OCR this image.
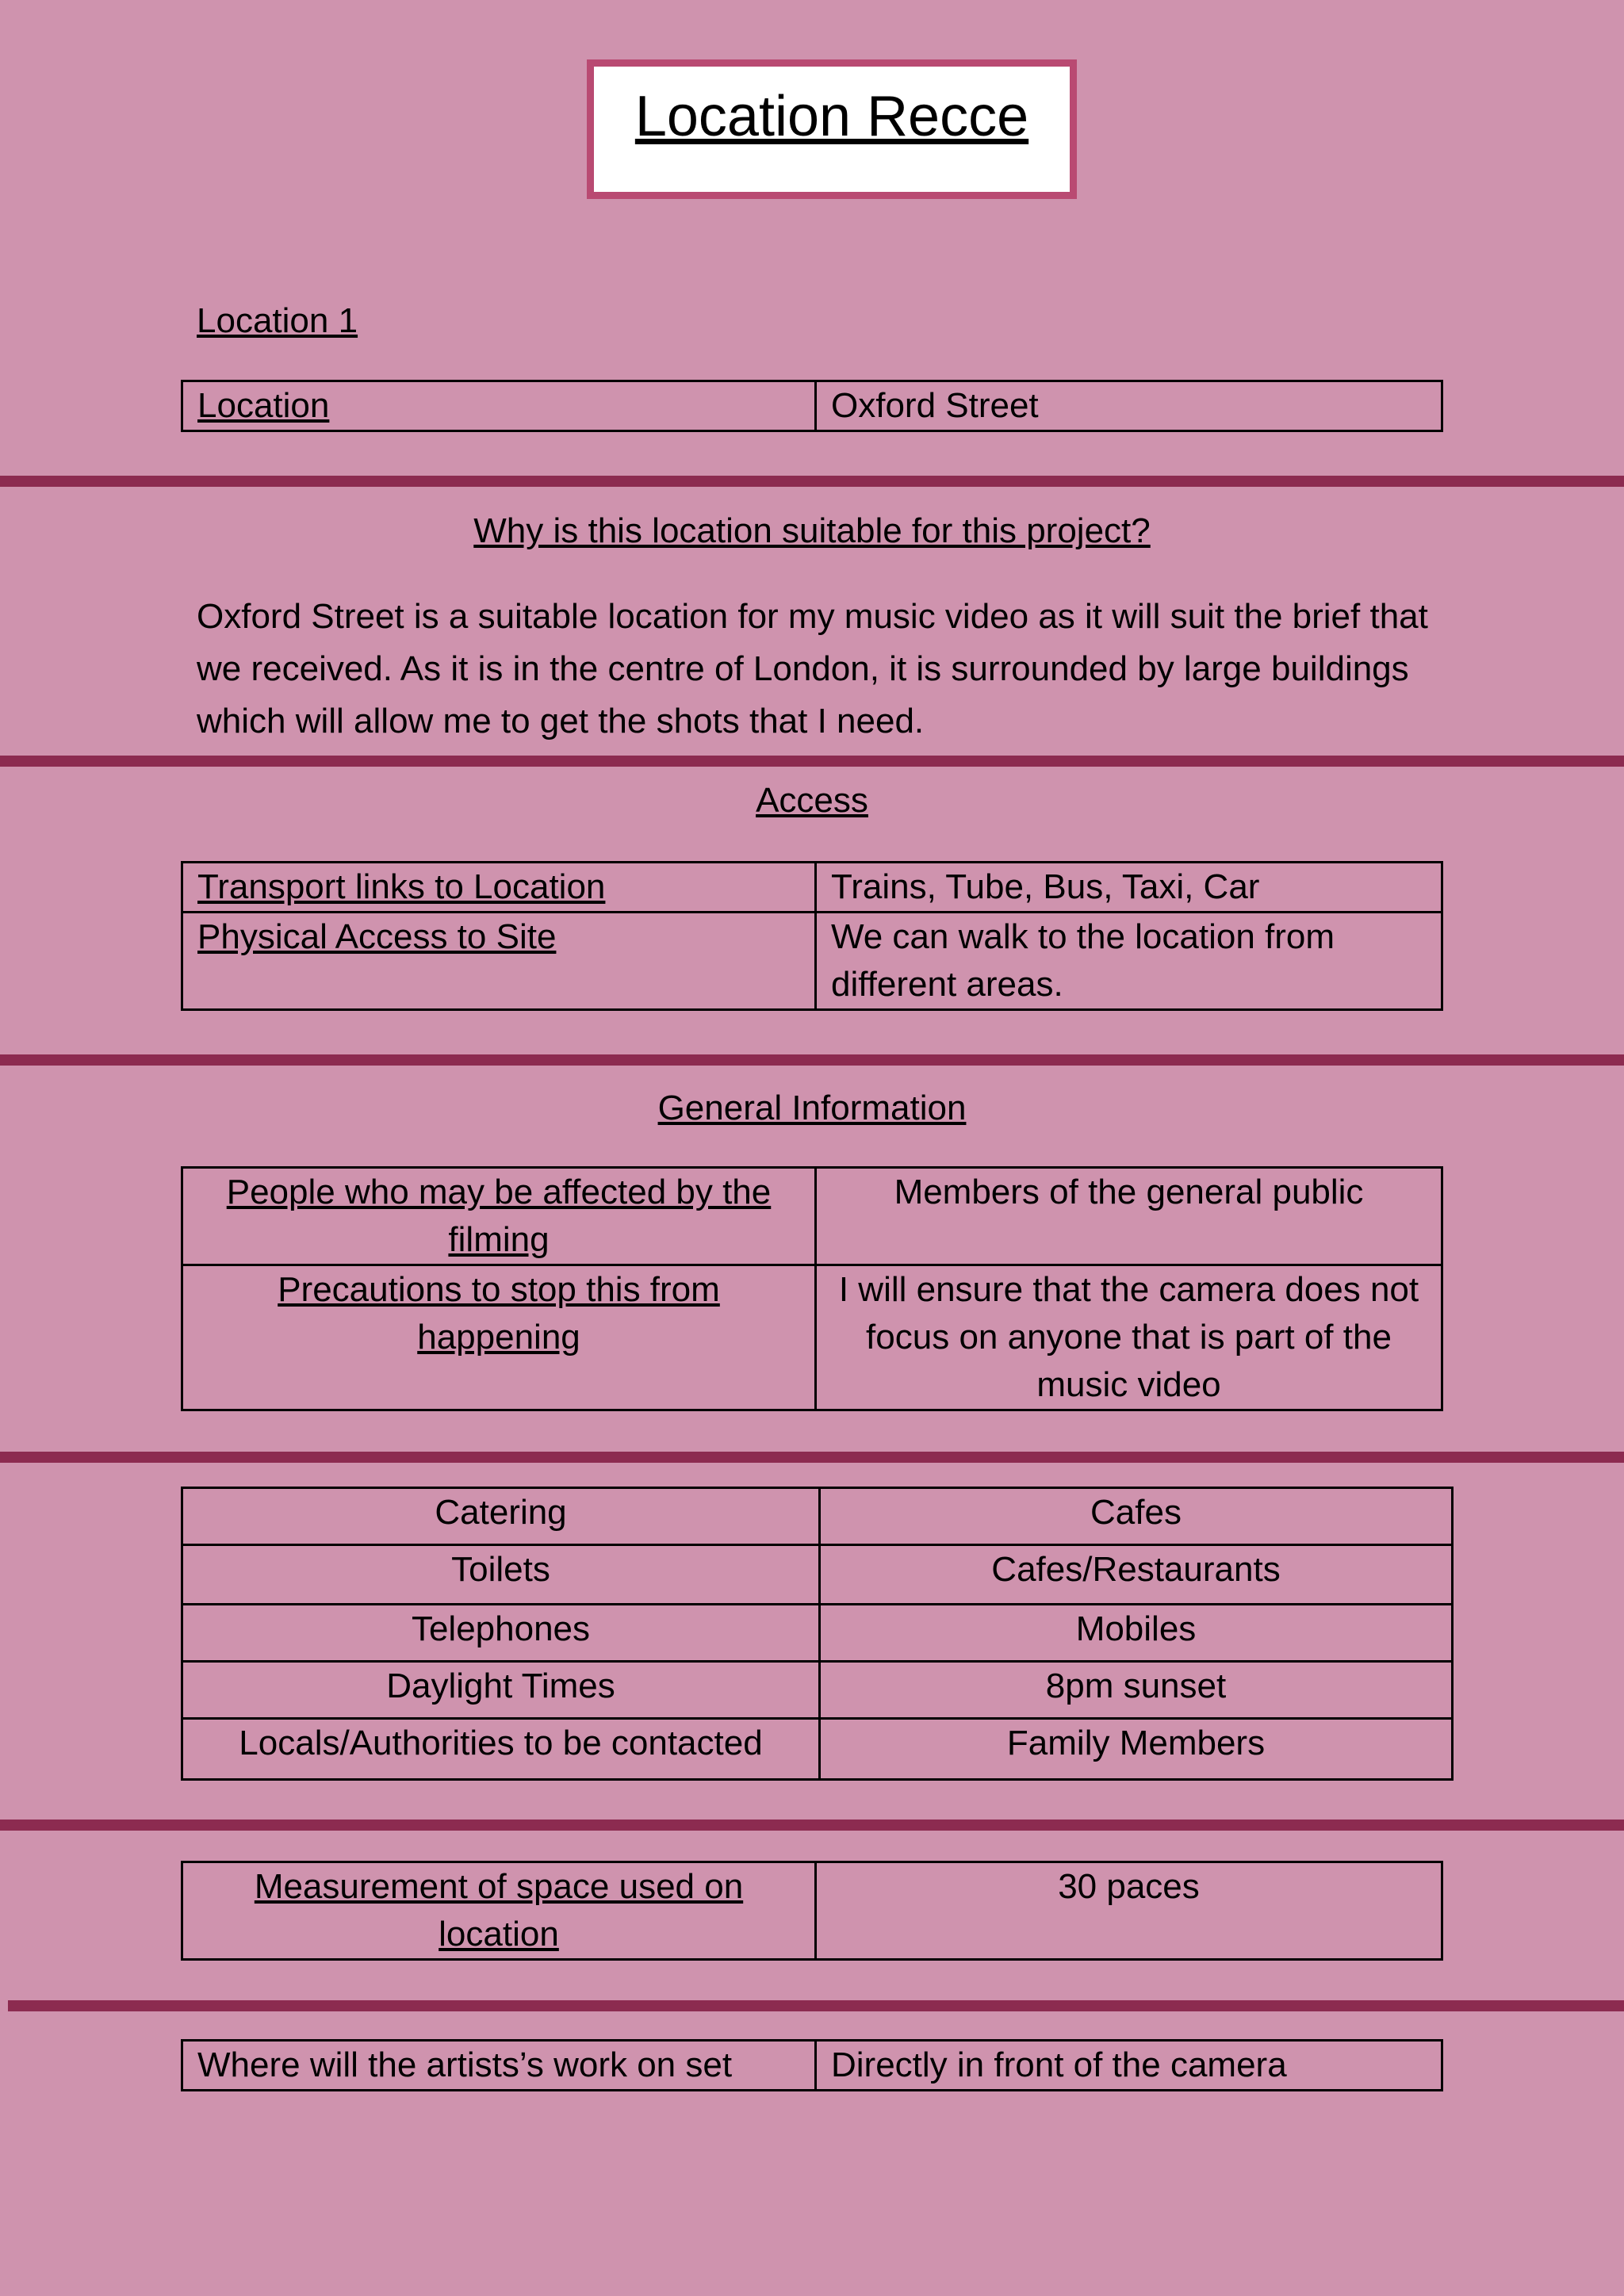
Location Recce
Location 1
Location	Oxford Street
Why is this location suitable for this project?
Oxford Street is a suitable location for my music video as it will suit the brief that we received. As it is in the centre of London, it is surrounded by large buildings which will allow me to get the shots that I need.
Access
Transport links to Location	Trains, Tube, Bus, Taxi, Car
Physical Access to Site	We can walk to the location from different areas.
General Information
People who may be affected by the filming	Members of the general public
Precautions to stop this from happening	I will ensure that the camera does not focus on anyone that is part of the music video
Catering	Cafes
Toilets	Cafes/Restaurants
Telephones	Mobiles
Daylight Times	8pm sunset
Locals/Authorities to be contacted	Family Members
Measurement of space used on location	30 paces
Where will the artists’s work on set	Directly in front of the camera
